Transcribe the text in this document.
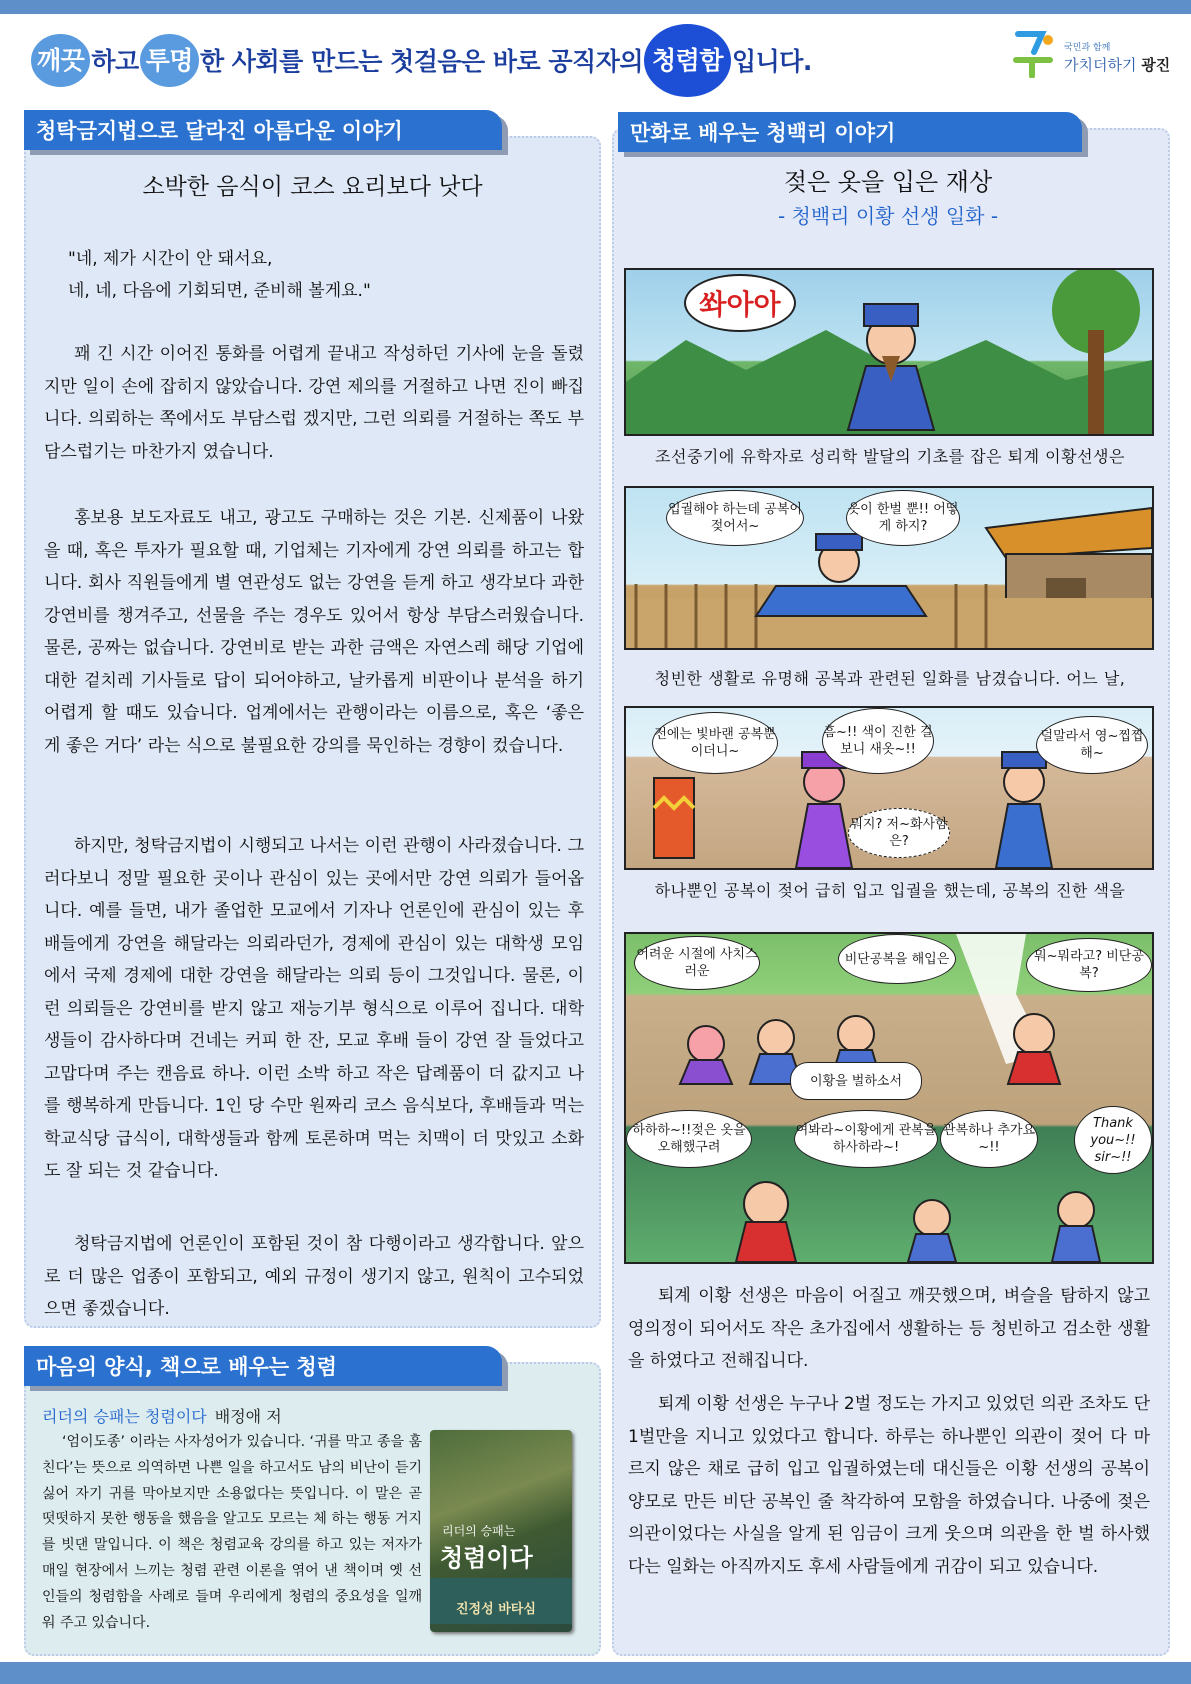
깨끗 하고 투명 한 사회를 만드는 첫걸음은 바로 공직자의 청렴함 입니다.	국민과 함께
가치더하기 광진
청탁금지법으로 달라진 아름다운 이야기
소박한 음식이 코스 요리보다 낫다
"네, 제가 시간이 안 돼서요,
네, 네, 다음에 기회되면, 준비해 볼게요."
꽤 긴 시간 이어진 통화를 어렵게 끝내고 작성하던 기사에 눈을 돌렸지만 일이 손에 잡히지 않았습니다. 강연 제의를 거절하고 나면 진이 빠집니다. 의뢰하는 쪽에서도 부담스럽 겠지만, 그런 의뢰를 거절하는 쪽도 부담스럽기는 마찬가지 였습니다.
홍보용 보도자료도 내고, 광고도 구매하는 것은 기본. 신제품이 나왔을 때, 혹은 투자가 필요할 때, 기업체는 기자에게 강연 의뢰를 하고는 합니다. 회사 직원들에게 별 연관성도 없는 강연을 듣게 하고 생각보다 과한 강연비를 챙겨주고, 선물을 주는 경우도 있어서 항상 부담스러웠습니다. 물론, 공짜는 없습니다. 강연비로 받는 과한 금액은 자연스레 해당 기업에 대한 겉치레 기사들로 답이 되어야하고, 날카롭게 비판이나 분석을 하기 어렵게 할 때도 있습니다. 업계에서는 관행이라는 이름으로, 혹은 ‘좋은 게 좋은 거다’ 라는 식으로 불필요한 강의를 묵인하는 경향이 컸습니다.
하지만, 청탁금지법이 시행되고 나서는 이런 관행이 사라졌습니다. 그러다보니 정말 필요한 곳이나 관심이 있는 곳에서만 강연 의뢰가 들어옵니다. 예를 들면, 내가 졸업한 모교에서 기자나 언론인에 관심이 있는 후배들에게 강연을 해달라는 의뢰라던가, 경제에 관심이 있는 대학생 모임에서 국제 경제에 대한 강연을 해달라는 의뢰 등이 그것입니다. 물론, 이런 의뢰들은 강연비를 받지 않고 재능기부 형식으로 이루어 집니다. 대학생들이 감사하다며 건네는 커피 한 잔, 모교 후배 들이 강연 잘 들었다고 고맙다며 주는 캔음료 하나. 이런 소박 하고 작은 답례품이 더 값지고 나를 행복하게 만듭니다. 1인 당 수만 원짜리 코스 음식보다, 후배들과 먹는 학교식당 급식이, 대학생들과 함께 토론하며 먹는 치맥이 더 맛있고 소화도 잘 되는 것 같습니다.
청탁금지법에 언론인이 포함된 것이 참 다행이라고 생각합니다. 앞으로 더 많은 업종이 포함되고, 예외 규정이 생기지 않고, 원칙이 고수되었으면 좋겠습니다.
마음의 양식, 책으로 배우는 청렴
리더의 승패는 청렴이다 배정애 저
‘엄이도종’ 이라는 사자성어가 있습니다. ‘귀를 막고 종을 훔친다’는 뜻으로 의역하면 나쁜 일을 하고서도 남의 비난이 듣기 싫어 자기 귀를 막아보지만 소용없다는 뜻입니다. 이 말은 곧 떳떳하지 못한 행동을 했음을 알고도 모르는 체 하는 행동 거지를 빗댄 말입니다. 이 책은 청렴교육 강의를 하고 있는 저자가 매일 현장에서 느끼는 청렴 관련 이론을 엮어 낸 책이며 옛 선인들의 청렴함을 사례로 들며 우리에게 청렴의 중요성을 일깨워 주고 있습니다.
리더의 승패는
청렴이다
진정성 바타심
만화로 배우는 청백리 이야기
젖은 옷을 입은 재상
- 청백리 이황 선생 일화 -
쏴아아
조선중기에 유학자로 성리학 발달의 기초를 잡은 퇴계 이황선생은
입궐해야 하는데 공복이 젖어서~
옷이 한벌 뿐!! 어떻게 하지?
청빈한 생활로 유명해 공복과 관련된 일화를 남겼습니다. 어느 날,
전에는 빛바랜 공복뿐이더니~
흠~!! 색이 진한 걸보니 새옷~!!
덜말라서 영~찝찝해~
뭐지? 저~화사함은?
하나뿐인 공복이 젖어 급히 입고 입궐을 했는데, 공복의 진한 색을
어려운 시절에 사치스러운
비단공복을 해입은	뭐~뭐라고? 비단공복?
이황을 벌하소서
하하하~!!젖은 옷을 오해했구려
여봐라~이황에게 관복을 하사하라~!
관복하나 추가요~!!
Thank you~!! sir~!!
퇴계 이황 선생은 마음이 어질고 깨끗했으며, 벼슬을 탐하지 않고 영의정이 되어서도 작은 초가집에서 생활하는 등 청빈하고 검소한 생활을 하였다고 전해집니다.
퇴계 이황 선생은 누구나 2벌 정도는 가지고 있었던 의관 조차도 단 1벌만을 지니고 있었다고 합니다. 하루는 하나뿐인 의관이 젖어 다 마르지 않은 채로 급히 입고 입궐하였는데 대신들은 이황 선생의 공복이 양모로 만든 비단 공복인 줄 착각하여 모함을 하였습니다. 나중에 젖은 의관이었다는 사실을 알게 된 임금이 크게 웃으며 의관을 한 벌 하사했다는 일화는 아직까지도 후세 사람들에게 귀감이 되고 있습니다.
